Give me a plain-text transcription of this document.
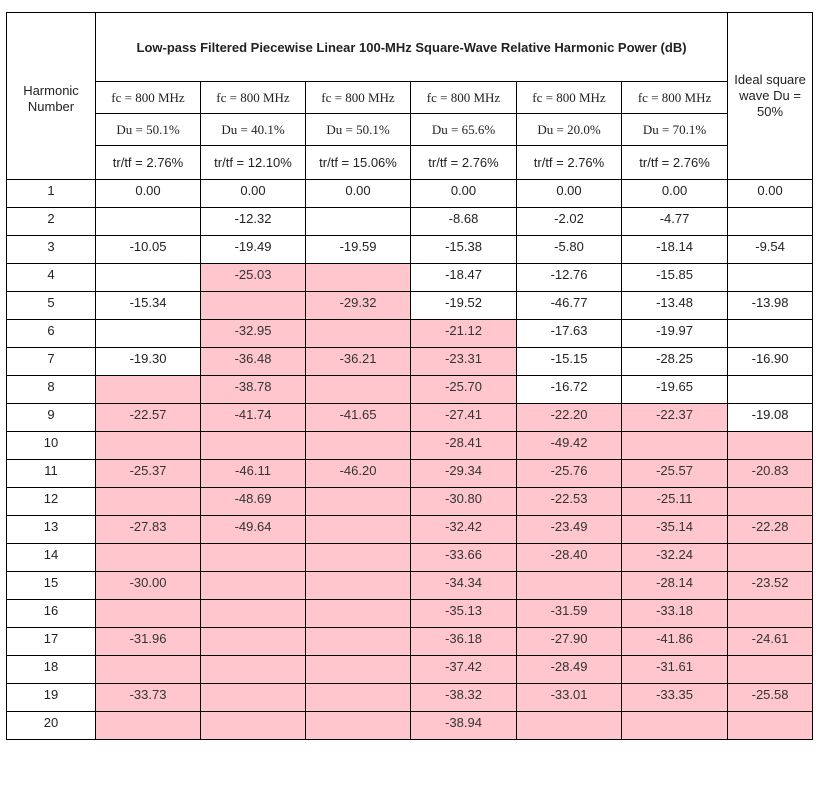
Harmonic Number	Low-pass Filtered Piecewise Linear 100-MHz Square-Wave Relative Harmonic Power (dB)						Ideal square wave Du = 50%
	fc = 800 MHz	fc = 800 MHz	fc = 800 MHz	fc = 800 MHz	fc = 800 MHz	fc = 800 MHz	
	Du = 50.1%	Du = 40.1%	Du = 50.1%	Du = 65.6%	Du = 20.0%	Du = 70.1%	
	tr/tf = 2.76%	tr/tf = 12.10%	tr/tf = 15.06%	tr/tf = 2.76%	tr/tf = 2.76%	tr/tf = 2.76%	
1	0.00	0.00	0.00	0.00	0.00	0.00	0.00
2		-12.32		-8.68	-2.02	-4.77	
3	-10.05	-19.49	-19.59	-15.38	-5.80	-18.14	-9.54
4		-25.03		-18.47	-12.76	-15.85	
5	-15.34		-29.32	-19.52	-46.77	-13.48	-13.98
6		-32.95		-21.12	-17.63	-19.97	
7	-19.30	-36.48	-36.21	-23.31	-15.15	-28.25	-16.90
8		-38.78		-25.70	-16.72	-19.65	
9	-22.57	-41.74	-41.65	-27.41	-22.20	-22.37	-19.08
10				-28.41	-49.42		
11	-25.37	-46.11	-46.20	-29.34	-25.76	-25.57	-20.83
12		-48.69		-30.80	-22.53	-25.11	
13	-27.83	-49.64		-32.42	-23.49	-35.14	-22.28
14				-33.66	-28.40	-32.24	
15	-30.00			-34.34		-28.14	-23.52
16				-35.13	-31.59	-33.18	
17	-31.96			-36.18	-27.90	-41.86	-24.61
18				-37.42	-28.49	-31.61	
19	-33.73			-38.32	-33.01	-33.35	-25.58
20				-38.94			
